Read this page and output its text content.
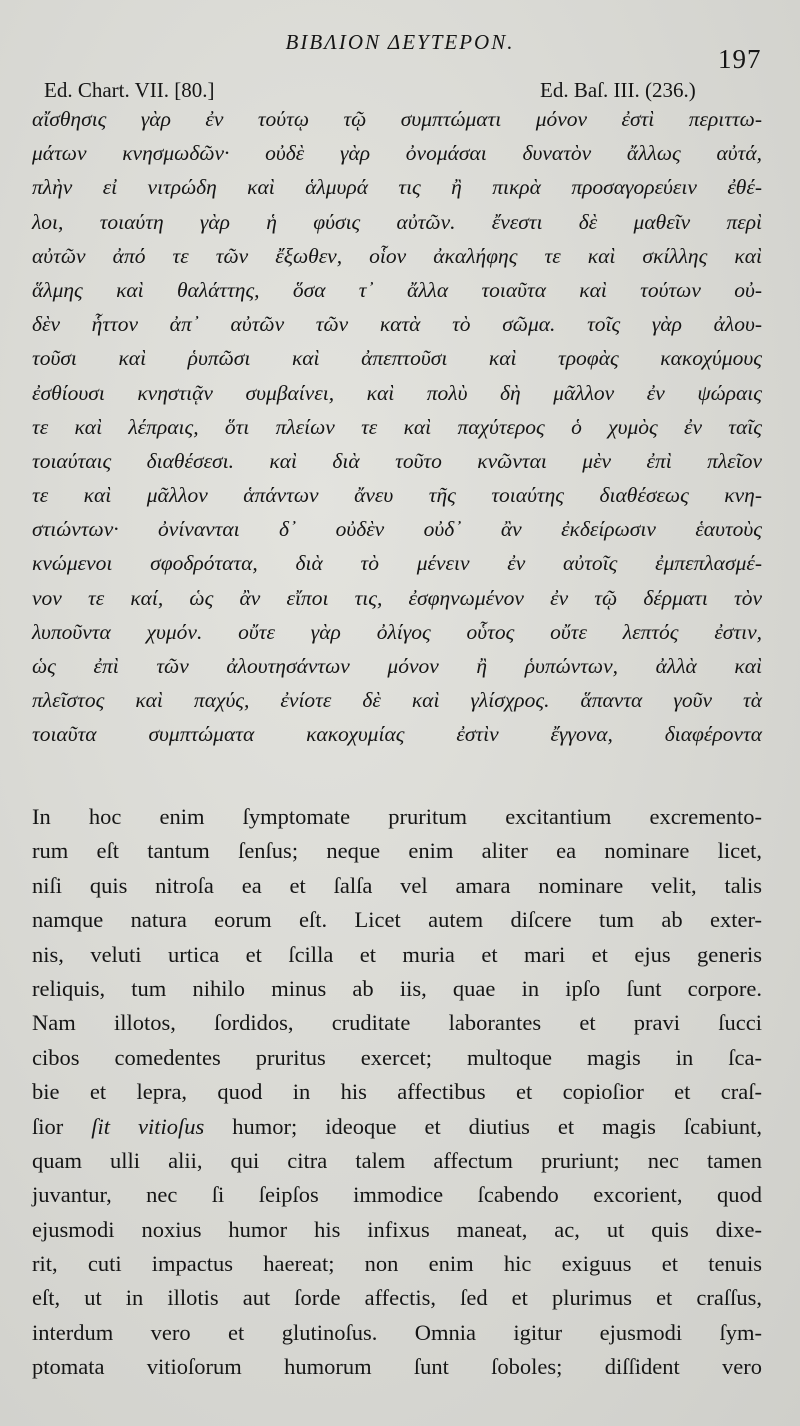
ΒΙΒΛΙΟΝ ΔΕΥΤΕΡΟΝ.
197
Ed. Chart. VII. [80.]	Ed. Baſ. III. (236.)
αἴσθησις γὰρ ἐν τούτῳ τῷ συμπτώματι μόνον ἐστὶ περιττω-
μάτων κνησμωδῶν· οὐδὲ γὰρ ὀνομάσαι δυνατὸν ἄλλως αὐτά,
πλὴν εἰ νιτρώδη καὶ ἁλμυρά τις ἢ πικρὰ προσαγορεύειν ἐθέ-
λοι, τοιαύτη γὰρ ἡ φύσις αὐτῶν. ἔνεστι δὲ μαθεῖν περὶ
αὐτῶν ἀπό τε τῶν ἔξωθεν, οἷον ἀκαλήφης τε καὶ σκίλλης καὶ
ἅλμης καὶ θαλάττης, ὅσα τ᾽ ἄλλα τοιαῦτα καὶ τούτων οὐ-
δὲν ἧττον ἀπ᾽ αὐτῶν τῶν κατὰ τὸ σῶμα. τοῖς γὰρ ἀλου-
τοῦσι καὶ ῥυπῶσι καὶ ἀπεπτοῦσι καὶ τροφὰς κακοχύμους
ἐσθίουσι κνηστιᾷν συμβαίνει, καὶ πολὺ δὴ μᾶλλον ἐν ψώραις
τε καὶ λέπραις, ὅτι πλείων τε καὶ παχύτερος ὁ χυμὸς ἐν ταῖς
τοιαύταις διαθέσεσι. καὶ διὰ τοῦτο κνῶνται μὲν ἐπὶ πλεῖον
τε καὶ μᾶλλον ἁπάντων ἄνευ τῆς τοιαύτης διαθέσεως κνη-
στιώντων· ὀνίνανται δ᾽ οὐδὲν οὐδ᾽ ἂν ἐκδείρωσιν ἑαυτοὺς
κνώμενοι σφοδρότατα, διὰ τὸ μένειν ἐν αὐτοῖς ἐμπεπλασμέ-
νον τε καί, ὡς ἂν εἴποι τις, ἐσφηνωμένον ἐν τῷ δέρματι τὸν
λυποῦντα χυμόν. οὔτε γὰρ ὀλίγος οὗτος οὔτε λεπτός ἐστιν,
ὡς ἐπὶ τῶν ἀλουτησάντων μόνον ἢ ῥυπώντων, ἀλλὰ καὶ
πλεῖστος καὶ παχύς, ἐνίοτε δὲ καὶ γλίσχρος. ἅπαντα γοῦν τὰ
τοιαῦτα συμπτώματα κακοχυμίας ἐστὶν ἔγγονα, διαφέροντα
In hoc enim ſymptomate pruritum excitantium excremento-
rum eſt tantum ſenſus; neque enim aliter ea nominare licet,
niſi quis nitroſa ea et ſalſa vel amara nominare velit, talis
namque natura eorum eſt. Licet autem diſcere tum ab exter-
nis, veluti urtica et ſcilla et muria et mari et ejus generis
reliquis, tum nihilo minus ab iis, quae in ipſo ſunt corpore.
Nam illotos, ſordidos, cruditate laborantes et pravi ſucci
cibos comedentes pruritus exercet; multoque magis in ſca-
bie et lepra, quod in his affectibus et copioſior et craſ-
ſior ſit vitioſus humor; ideoque et diutius et magis ſcabiunt,
quam ulli alii, qui citra talem affectum pruriunt; nec tamen
juvantur, nec ſi ſeipſos immodice ſcabendo excorient, quod
ejusmodi noxius humor his infixus maneat, ac, ut quis dixe-
rit, cuti impactus haereat; non enim hic exiguus et tenuis
eſt, ut in illotis aut ſorde affectis, ſed et plurimus et craſſus,
interdum vero et glutinoſus. Omnia igitur ejusmodi ſym-
ptomata vitioſorum humorum ſunt ſoboles; diſſident vero
